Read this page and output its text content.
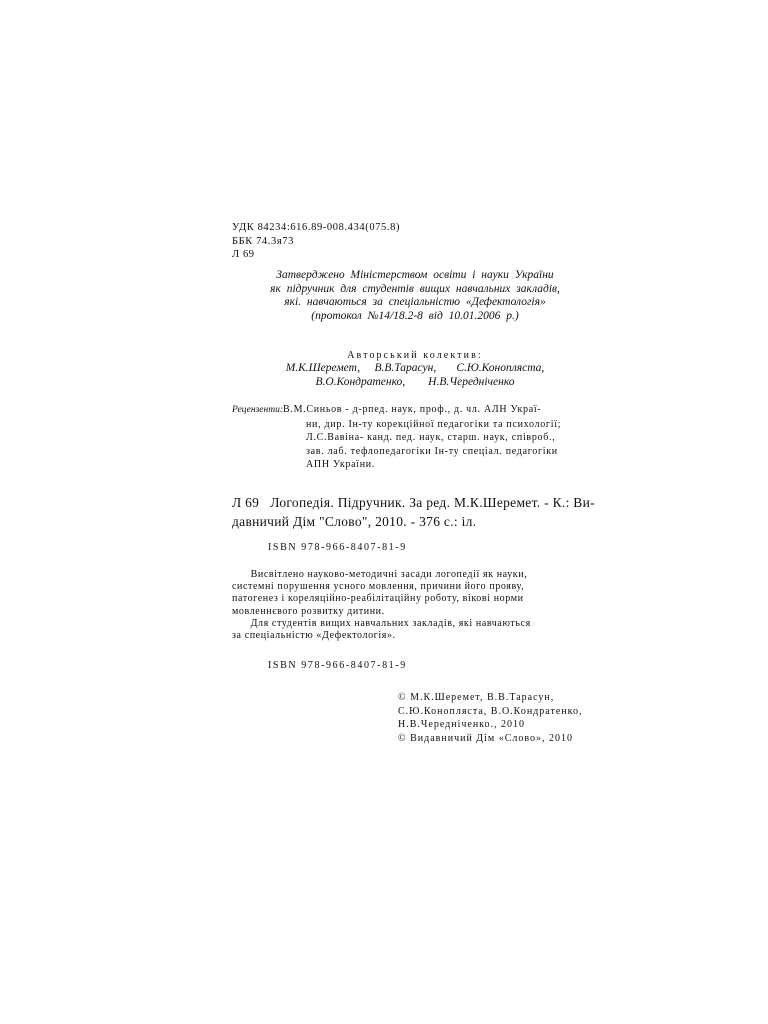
УДК 84234:616.89-008.434(075.8)
ББК 74.3я73
Л 69
Затверджено Міністерством освіти і науки України
як підручник для студентів вищих навчальних закладів,
які. навчаються за спеціальністю «Дефектологія»
(протокол №14/18.2-8 від 10.01.2006 р.)
Авторський колектив:
М.К.Шеремет,     В.В.Тарасун,       С.Ю.Конопляста,
В.О.Кондратенко,        Н.В.Чередніченко
Рецензенти:В.М.Синьов - д-рпед. наук, проф., д. чл. АЛН Украї-
ни, дир. Ін-ту корекційної педагогіки та психології;
Л.С.Вавіна- канд. пед. наук, старш. наук, співроб.,
зав. лаб. тефлопедагогіки Ін-ту спеціал. педагогіки
АПН України.
Л 69   Логопедія. Підручник. За ред. М.К.Шеремет. - К.: Ви-
давничий Дім "Слово", 2010. - 376 с.: іл.
ISBN 978-966-8407-81-9
Висвітлено науково-методичні засади логопедії як науки,
системні порушення усного мовлення, причини його прояву,
патогенез і кореляційно-реабілітаційну роботу, вікові норми
мовленнєвого розвитку дитини.
Для студентів вищих навчальних закладів, які навчаються
за спеціальністю «Дефектологія».
ISBN 978-966-8407-81-9
© М.К.Шеремет, В.В.Тарасун,
С.Ю.Конопляста, В.О.Кондратенко,
Н.В.Чередніченко., 2010
© Видавничий Дім «Слово», 2010
